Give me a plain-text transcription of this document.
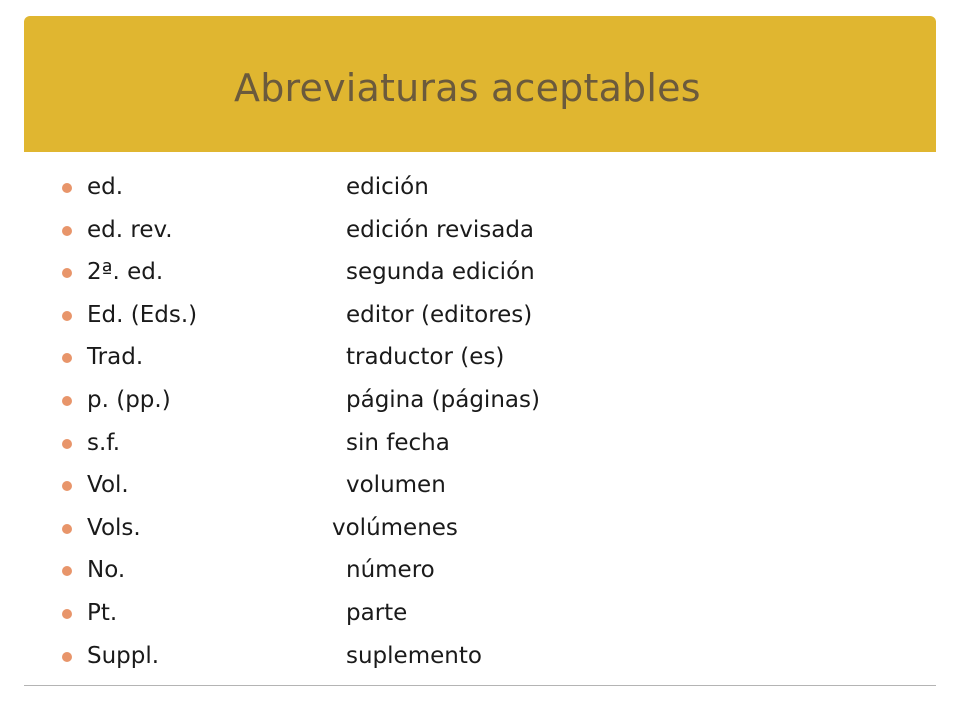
Abreviaturas aceptables
ed.	edición
ed. rev.	edición revisada
2ª. ed.	segunda edición
Ed. (Eds.)	editor (editores)
Trad.	traductor (es)
p. (pp.)	página (páginas)
s.f.	sin fecha
Vol.	volumen
Vols.	volúmenes
No.	número
Pt.	parte
Suppl.	suplemento
